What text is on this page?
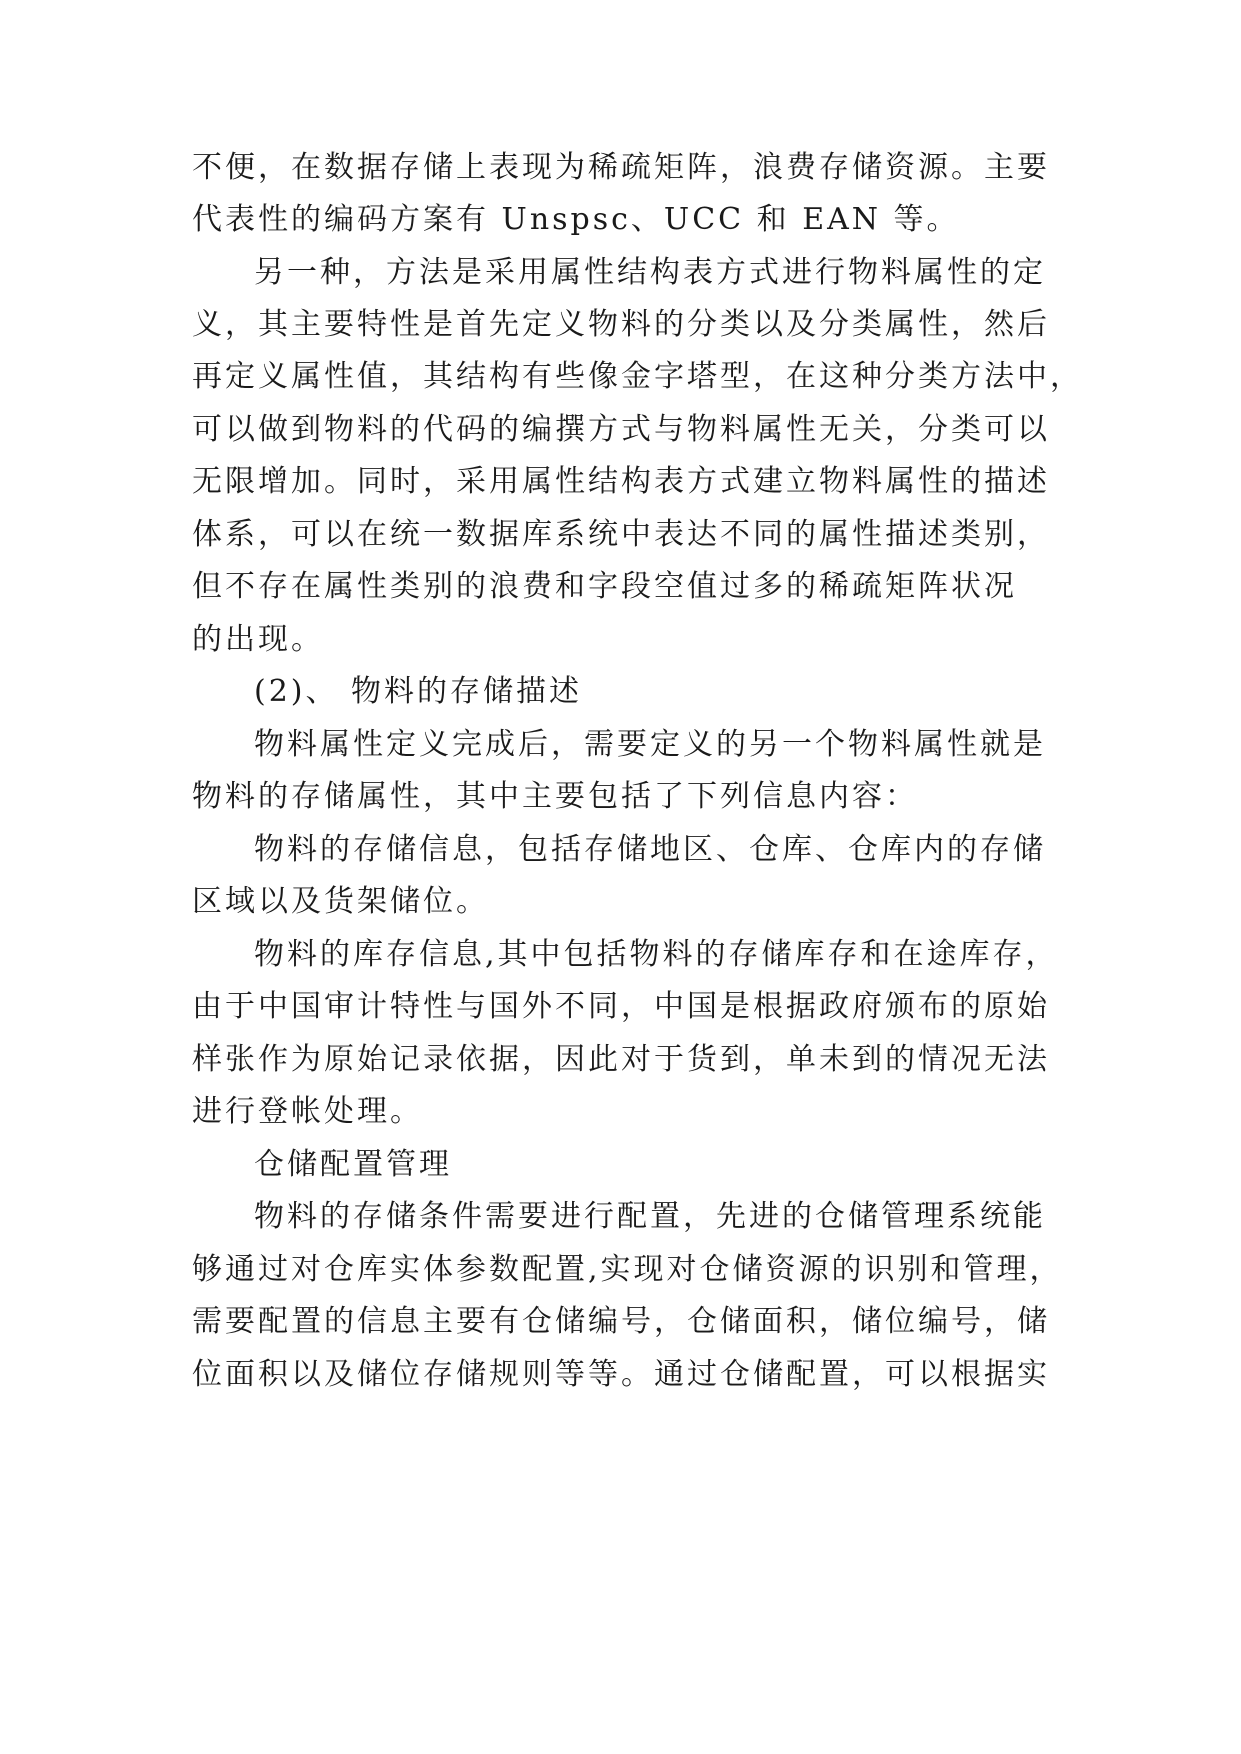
不便，在数据存储上表现为稀疏矩阵，浪费存储资源。主要
代表性的编码方案有 Unspsc、UCC 和 EAN 等。
另一种，方法是采用属性结构表方式进行物料属性的定
义，其主要特性是首先定义物料的分类以及分类属性，然后
再定义属性值，其结构有些像金字塔型，在这种分类方法中，
可以做到物料的代码的编撰方式与物料属性无关，分类可以
无限增加。同时，采用属性结构表方式建立物料属性的描述
体系，可以在统一数据库系统中表达不同的属性描述类别，
但不存在属性类别的浪费和字段空值过多的稀疏矩阵状况
的出现。
(2)、 物料的存储描述
物料属性定义完成后，需要定义的另一个物料属性就是
物料的存储属性，其中主要包括了下列信息内容：
物料的存储信息，包括存储地区、仓库、仓库内的存储
区域以及货架储位。
物料的库存信息,其中包括物料的存储库存和在途库存，
由于中国审计特性与国外不同，中国是根据政府颁布的原始
样张作为原始记录依据，因此对于货到，单未到的情况无法
进行登帐处理。
仓储配置管理
物料的存储条件需要进行配置，先进的仓储管理系统能
够通过对仓库实体参数配置,实现对仓储资源的识别和管理，
需要配置的信息主要有仓储编号，仓储面积，储位编号，储
位面积以及储位存储规则等等。通过仓储配置，可以根据实
